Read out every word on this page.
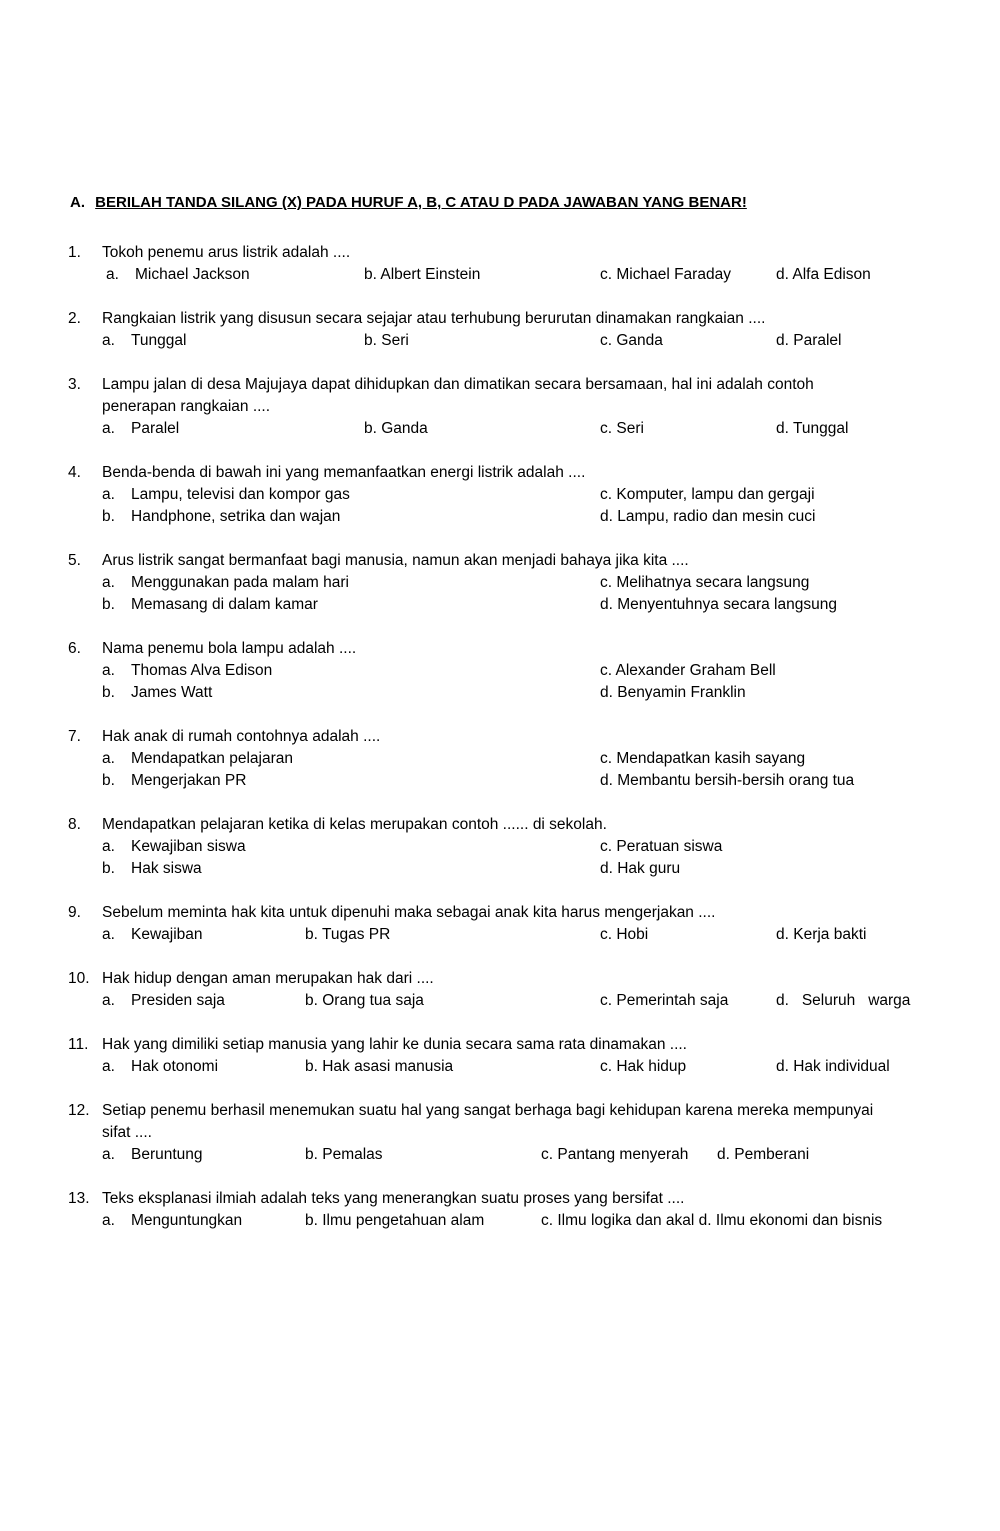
A. BERILAH TANDA SILANG (X) PADA HURUF A, B, C ATAU D PADA JAWABAN YANG BENAR!
1. Tokoh penemu arus listrik adalah ....
a. Michael Jackson	b. Albert Einstein	c. Michael Faraday	d. Alfa Edison
2. Rangkaian listrik yang disusun secara sejajar atau terhubung berurutan dinamakan rangkaian ....
a. Tunggal	b. Seri	c. Ganda	d. Paralel
3. Lampu jalan di desa Majujaya dapat dihidupkan dan dimatikan secara bersamaan, hal ini adalah contoh
penerapan rangkaian ....
a. Paralel	b. Ganda	c. Seri	d. Tunggal
4. Benda-benda di bawah ini yang memanfaatkan energi listrik adalah ....
a. Lampu, televisi dan kompor gas	c. Komputer, lampu dan gergaji
b. Handphone, setrika dan wajan	d. Lampu, radio dan mesin cuci
5. Arus listrik sangat bermanfaat bagi manusia, namun akan menjadi bahaya jika kita ....
a. Menggunakan pada malam hari	c. Melihatnya secara langsung
b. Memasang di dalam kamar	d. Menyentuhnya secara langsung
6. Nama penemu bola lampu adalah ....
a. Thomas Alva Edison	c. Alexander Graham Bell
b. James Watt	d. Benyamin Franklin
7. Hak anak di rumah contohnya adalah ....
a. Mendapatkan pelajaran	c. Mendapatkan kasih sayang
b. Mengerjakan PR	d. Membantu bersih-bersih orang tua
8. Mendapatkan pelajaran ketika di kelas merupakan contoh ...... di sekolah.
a. Kewajiban siswa	c. Peratuan siswa
b. Hak siswa	d. Hak guru
9. Sebelum meminta hak kita untuk dipenuhi maka sebagai anak kita harus mengerjakan ....
a. Kewajiban	b. Tugas PR	c. Hobi	d. Kerja bakti
10. Hak hidup dengan aman merupakan hak dari ....
a. Presiden saja	b. Orang tua saja	c. Pemerintah saja	d.   Seluruh   warga
11. Hak yang dimiliki setiap manusia yang lahir ke dunia secara sama rata dinamakan ....
a. Hak otonomi	b. Hak asasi manusia	c. Hak hidup	d. Hak individual
12. Setiap penemu berhasil menemukan suatu hal yang sangat berhaga bagi kehidupan karena mereka mempunyai
sifat ....
a. Beruntung	b. Pemalas	c. Pantang menyerah d. Pemberani
13. Teks eksplanasi ilmiah adalah teks yang menerangkan suatu proses yang bersifat ....
a. Menguntungkan	b. Ilmu pengetahuan alam	c. Ilmu logika dan akal d. Ilmu ekonomi dan bisnis
